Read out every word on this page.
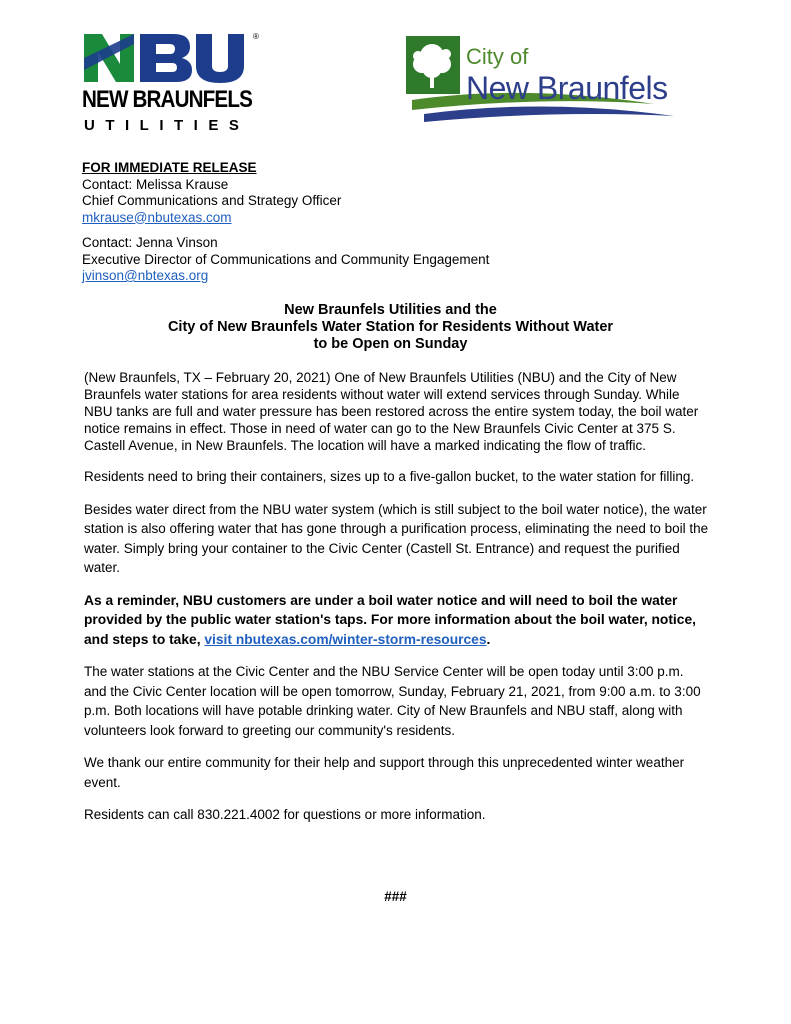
®
NEW BRAUNFELS
UTILITIES
City of
New Braunfels
FOR IMMEDIATE RELEASE
Contact: Melissa Krause
Chief Communications and Strategy Officer
mkrause@nbutexas.com
Contact: Jenna Vinson
Executive Director of Communications and Community Engagement
jvinson@nbtexas.org
New Braunfels Utilities and the
City of New Braunfels Water Station for Residents Without Water
to be Open on Sunday

(New Braunfels, TX – February 20, 2021) One of New Braunfels Utilities (NBU) and the City of New Braunfels water stations for area residents without water will extend services through Sunday. While NBU tanks are full and water pressure has been restored across the entire system today, the boil water notice remains in effect. Those in need of water can go to the New Braunfels Civic Center at 375 S. Castell Avenue, in New Braunfels. The location will have a marked indicating the flow of traffic.

Residents need to bring their containers, sizes up to a five-gallon bucket, to the water station for filling.

Besides water direct from the NBU water system (which is still subject to the boil water notice), the water station is also offering water that has gone through a purification process, eliminating the need to boil the water. Simply bring your container to the Civic Center (Castell St. Entrance) and request the purified water.

As a reminder, NBU customers are under a boil water notice and will need to boil the water provided by the public water station's taps. For more information about the boil water, notice, and steps to take, visit nbutexas.com/winter-storm-resources.

The water stations at the Civic Center and the NBU Service Center will be open today until 3:00 p.m. and the Civic Center location will be open tomorrow, Sunday, February 21, 2021, from 9:00 a.m. to 3:00 p.m. Both locations will have potable drinking water. City of New Braunfels and NBU staff, along with volunteers look forward to greeting our community's residents.

We thank our entire community for their help and support through this unprecedented winter weather event.

Residents can call 830.221.4002 for questions or more information.

###
